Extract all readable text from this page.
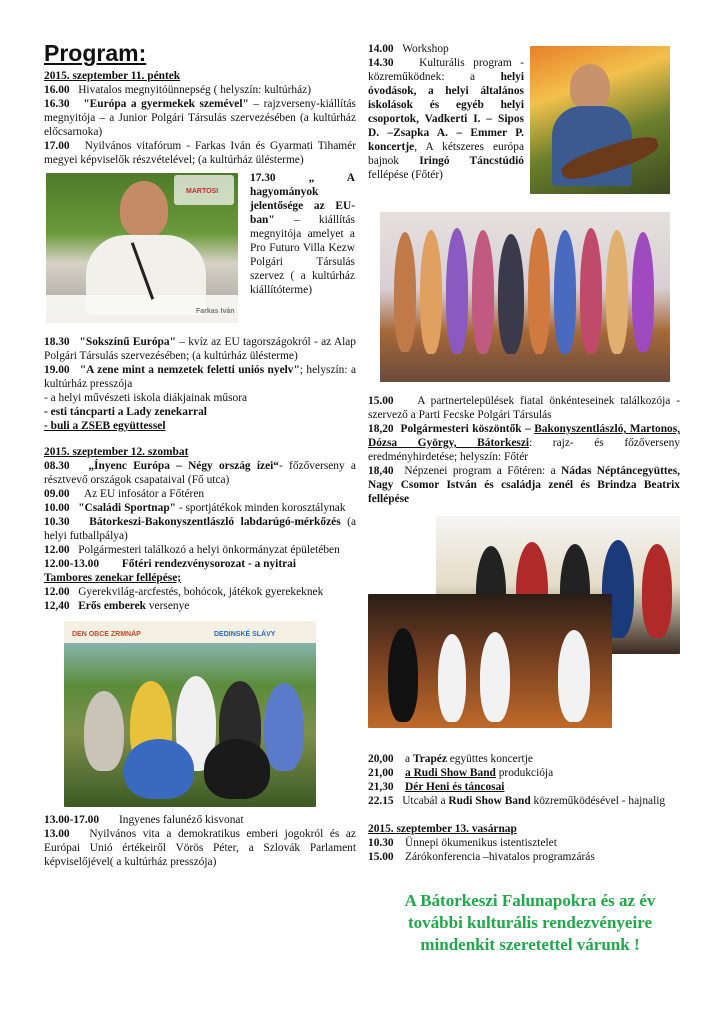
Program:
2015. szeptember 11. péntek
16.00 Hivatalos megnyitóünnepség ( helyszín: kultúrház)
16.30 "Európa a gyermekek szemével" – rajzverseny-kiállítás megnyitója – a Junior Polgári Társulás szervezésében (a kultúrház előcsarnoka)
17.00 Nyilvános vitafórum - Farkas Iván és Gyarmati Tihamér megyei képviselők részvételével; (a kultúrház ülésterme)
MARTOSI
Farkas Iván
17.30	„ A hagyományok jelentősége az EU-ban" – kiállítás megnyitója amelyet a Pro Futuro Villa Kezw Polgári Társulás szervez ( a kultúrház kiállítóterme)
18.30 "Sokszínű Európa" – kvíz az EU tagországokról - az Alap Polgári Társulás szervezésében; (a kultúrház ülésterme)
19.00 "A zene mint a nemzetek feletti uniós nyelv"; helyszín: a kultúrház presszója
- a helyi művészeti iskola diákjainak műsora
- esti táncparti a Lady zenekarral
- buli a ZSEB együttessel
2015. szeptember 12. szombat
08.30 „Ínyenc Európa – Négy ország ízei“- főzőverseny a résztvevő országok csapataival (Fő utca)
09.00 Az EU infosátor a Főtéren
10.00 "Családi Sportnap" - sportjátékok minden korosztálynak
10.30 Bátorkeszi-Bakonyszentlászló labdarúgó-mérkőzés (a helyi futballpálya)
12.00 Polgármesteri találkozó a helyi önkormányzat épületében
12.00-13.00 Főtéri rendezvénysorozat - a nyitrai
Tambores zenekar fellépése;
12.00 Gyerekvilág-arcfestés, bohócok, játékok gyerekeknek
12,40 Erős emberek versenye
DEN OBCE ZRMNÁP	DEDINSKÉ SLÁVY
13.00-17.00 Ingyenes falunéző kisvonat
13.00 Nyilvános vita a demokratikus emberi jogokról és az Európai Unió értékeiről Vörös Péter, a Szlovák Parlament képviselőjével( a kultúrház presszója)
14.00 Workshop
14.30 Kulturális program - közreműködnek: a helyi óvodások, a helyi általános iskolások és egyéb helyi csoportok, Vadkerti I. – Sipos D. –Zsapka A. – Emmer P. koncertje, A kétszeres európa bajnok Iringó Táncstúdió fellépése (Főtér)
15.00 A partnertelepülések fiatal önkénteseinek találkozója - szervező a Parti Fecske Polgári Társulás
18,20 Polgármesteri köszöntők – Bakonyszentlászló, Martonos, Dózsa György, Bátorkeszi: rajz- és főzőverseny eredményhirdetése; helyszín: Főtér
18,40 Népzenei program a Főtéren: a Nádas Néptáncegyüttes, Nagy Csomor István és családja zenél és Brindza Beatrix fellépése
20,00 a Trapéz együttes koncertje
21,00 a Rudi Show Band produkciója
21,30 Dér Heni és táncosai
22.15 Utcabál a Rudi Show Band közreműködésével - hajnalig
2015. szeptember 13. vasárnap
10.30 Ünnepi ökumenikus istentisztelet
15.00 Zárókonferencia –hivatalos programzárás
A Bátorkeszi Falunapokra és az év további kulturális rendezvényeire mindenkit szeretettel várunk !
